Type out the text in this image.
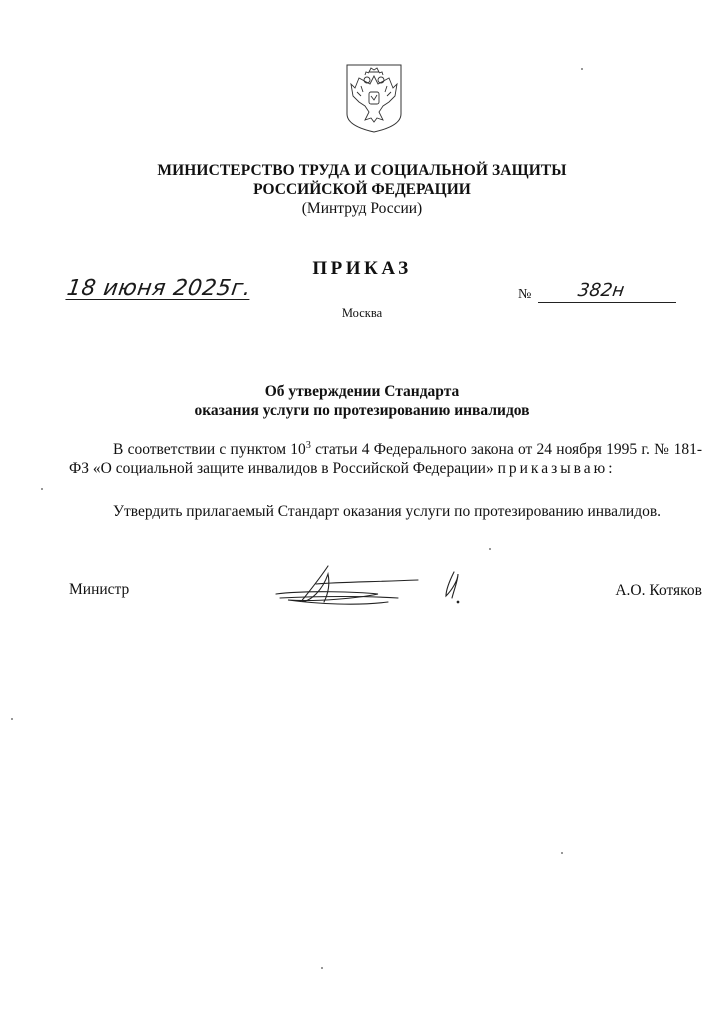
МИНИСТЕРСТВО ТРУДА И СОЦИАЛЬНОЙ ЗАЩИТЫ
РОССИЙСКОЙ ФЕДЕРАЦИИ
(Минтруд России)
ПРИКАЗ
18 июня 2025г.	№	382н
Москва
Об утверждении Стандарта
оказания услуги по протезированию инвалидов
В соответствии с пунктом $10^3$ статьи 4 Федерального закона от 24 ноября 1995 г. № 181-ФЗ «О социальной защите инвалидов в Российской Федерации» приказываю:
Утвердить прилагаемый Стандарт оказания услуги по протезированию инвалидов.
Министр	А.О. Котяков
